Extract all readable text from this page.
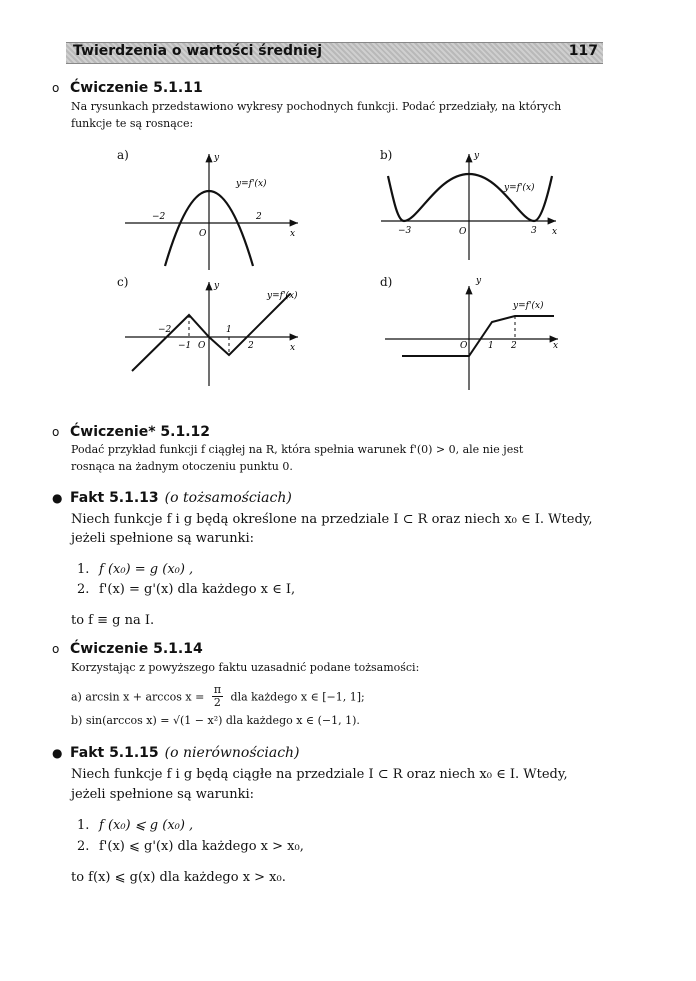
Twierdzenia o wartości średniej	117
o Ćwiczenie 5.1.11
Na rysunkach przedstawiono wykresy pochodnych funkcji. Podać przedziały, na których
funkcje te są rosnące:
a)	y
x
O
y=f'(x)
−2	2
b)	y
x
O
y=f'(x)
−3	3
c)	y
x
O
y=f'(x)
−2
−1
1
2
d)	y
x
O
y=f'(x)
1 2
o Ćwiczenie* 5.1.12
Podać przykład funkcji f ciągłej na R, która spełnia warunek f'(0) > 0, ale nie jest
rosnąca na żadnym otoczeniu punktu 0.
● Fakt 5.1.13 (o tożsamościach)
Niech funkcje f i g będą określone na przedziale I ⊂ R oraz niech x₀ ∈ I. Wtedy,
jeżeli spełnione są warunki:
1. f (x₀) = g (x₀) ,
2. f'(x) = g'(x) dla każdego x ∈ I,
to f ≡ g na I.
o Ćwiczenie 5.1.14
Korzystając z powyższego faktu uzasadnić podane tożsamości:
a) $\arcsin x + \arccos x = \frac{\pi}{2}$ dla każdego x ∈ [−1, 1];
b) sin(arccos x) = √(1 − x²) dla każdego x ∈ (−1, 1).
● Fakt 5.1.15 (o nierównościach)
Niech funkcje f i g będą ciągłe na przedziale I ⊂ R oraz niech x₀ ∈ I. Wtedy,
jeżeli spełnione są warunki:
1. f (x₀) ⩽ g (x₀) ,
2. f'(x) ⩽ g'(x) dla każdego x > x₀,
to f(x) ⩽ g(x) dla każdego x > x₀.
